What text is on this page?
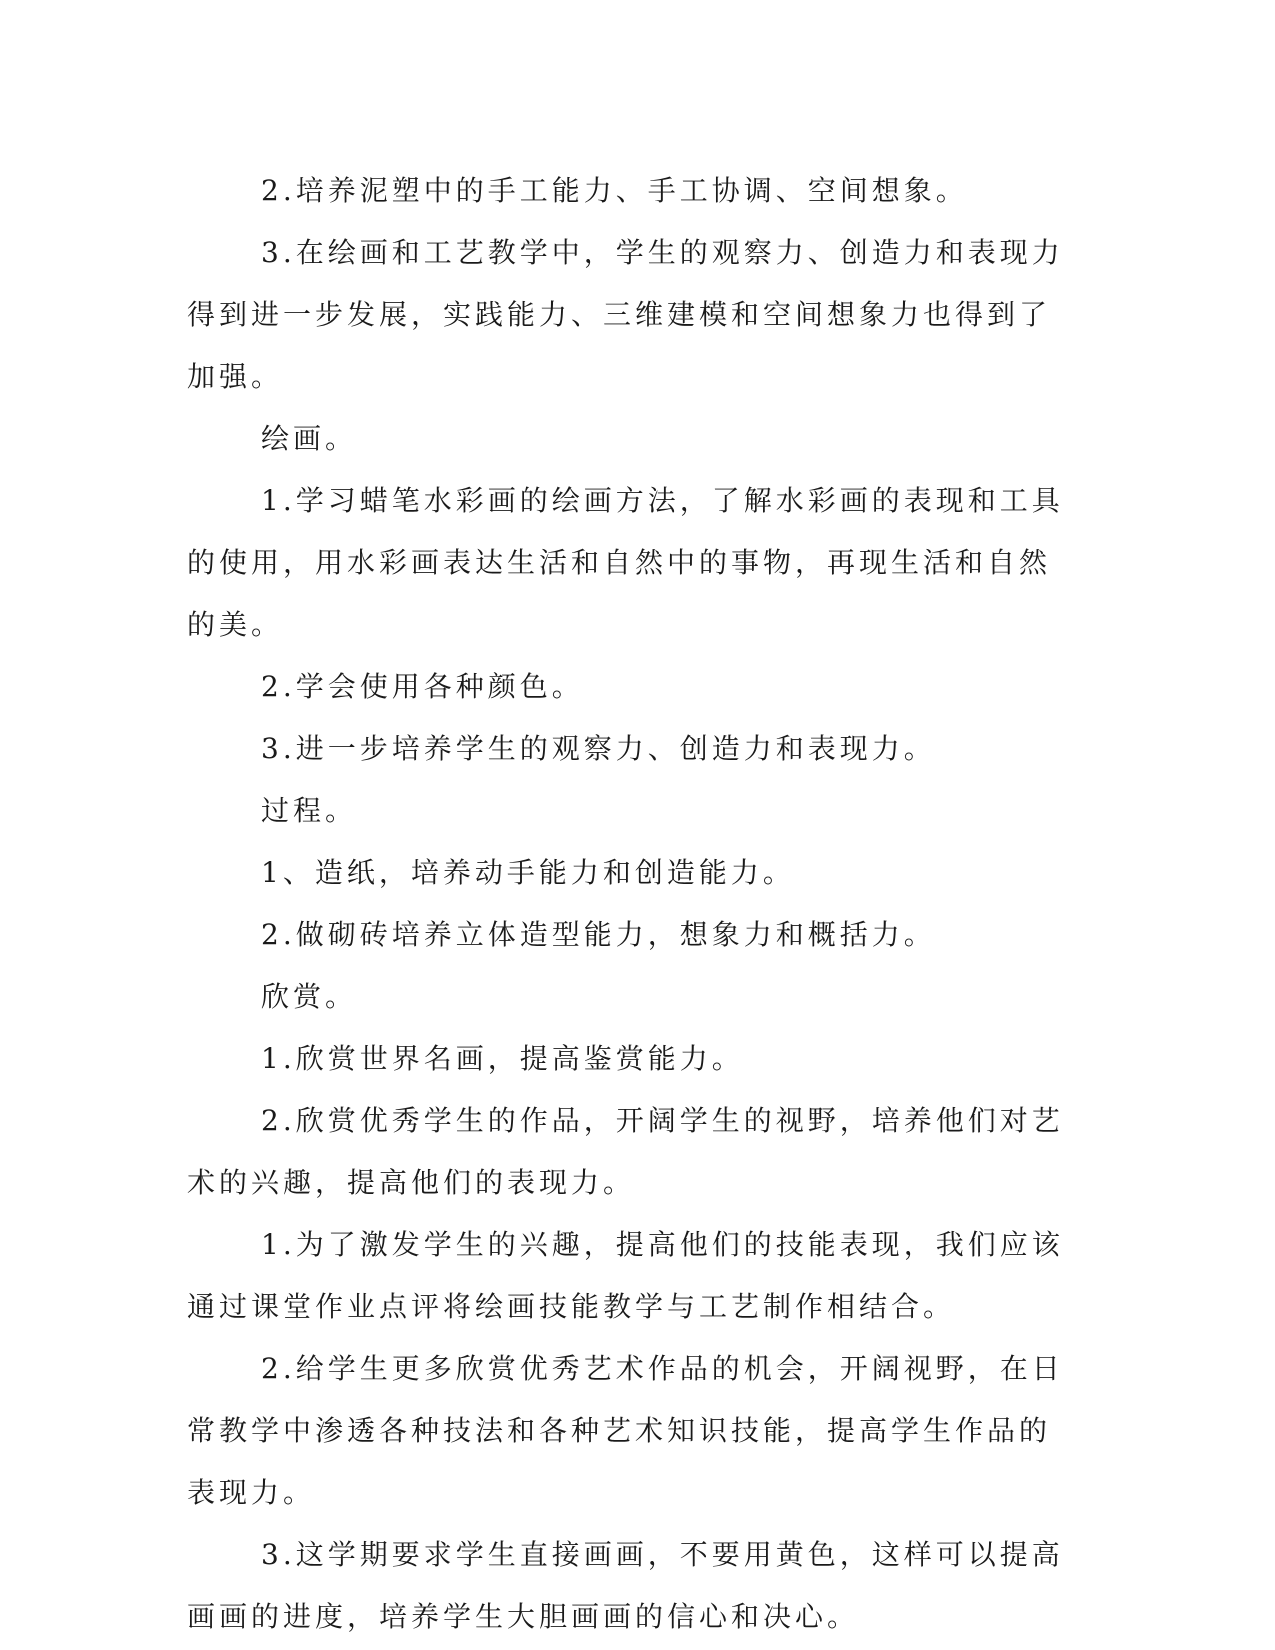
2.培养泥塑中的手工能力、手工协调、空间想象。

3.在绘画和工艺教学中，学生的观察力、创造力和表现力得到进一步发展，实践能力、三维建模和空间想象力也得到了加强。

绘画。

1.学习蜡笔水彩画的绘画方法，了解水彩画的表现和工具的使用，用水彩画表达生活和自然中的事物，再现生活和自然的美。

2.学会使用各种颜色。

3.进一步培养学生的观察力、创造力和表现力。

过程。

1、造纸，培养动手能力和创造能力。

2.做砌砖培养立体造型能力，想象力和概括力。

欣赏。

1.欣赏世界名画，提高鉴赏能力。

2.欣赏优秀学生的作品，开阔学生的视野，培养他们对艺术的兴趣，提高他们的表现力。

1.为了激发学生的兴趣，提高他们的技能表现，我们应该通过课堂作业点评将绘画技能教学与工艺制作相结合。

2.给学生更多欣赏优秀艺术作品的机会，开阔视野，在日常教学中渗透各种技法和各种艺术知识技能，提高学生作品的表现力。

3.这学期要求学生直接画画，不要用黄色，这样可以提高画画的进度，培养学生大胆画画的信心和决心。
